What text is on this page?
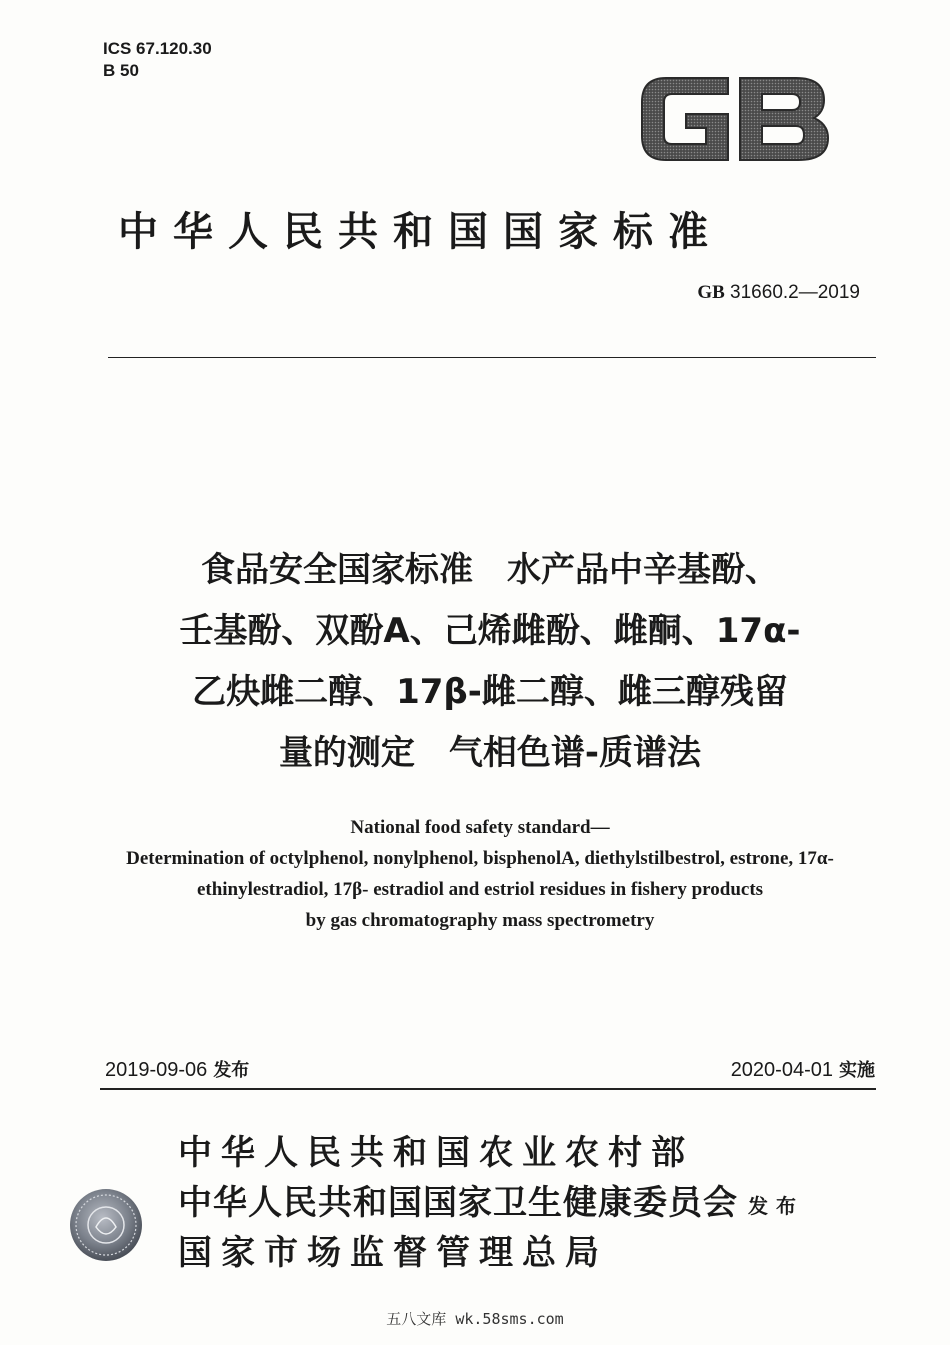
ICS 67.120.30
B 50
中华人民共和国国家标准
GB 31660.2—2019
食品安全国家标准　水产品中辛基酚、
壬基酚、双酚A、己烯雌酚、雌酮、17α-
乙炔雌二醇、17β-雌二醇、雌三醇残留
量的测定　气相色谱-质谱法
National food safety standard—
Determination of octylphenol, nonylphenol, bisphenolA, diethylstilbestrol, estrone, 17α-
ethinylestradiol, 17β- estradiol and estriol residues in fishery products
by gas chromatography mass spectrometry
2019-09-06 发布	2020-04-01 实施
中华人民共和国农业农村部
中华人民共和国国家卫生健康委员会
国家市场监督管理总局
发布
五八文库 wk.58sms.com
